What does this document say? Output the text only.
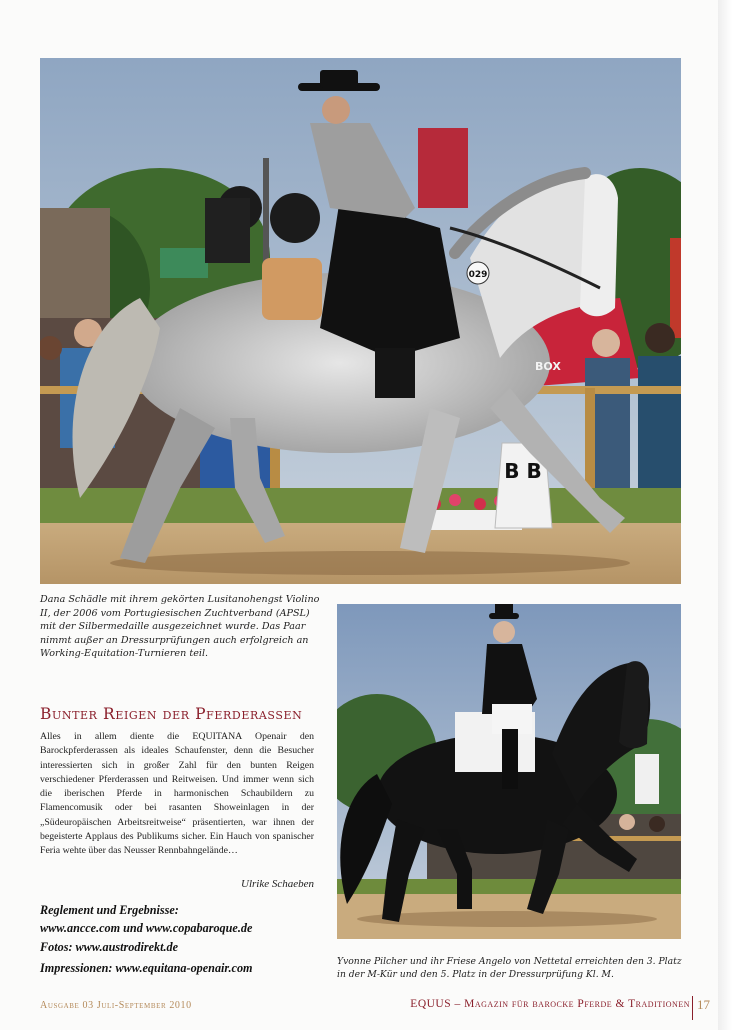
B B
029
BOX
Dana Schädle mit ihrem gekörten Lusitanohengst Violino II, der 2006 vom Portugiesischen Zuchtverband (APSL) mit der Silbermedaille ausgezeichnet wurde. Das Paar nimmt außer an Dressurprüfungen auch erfolgreich an Working-Equitation-Turnieren teil.
Yvonne Pilcher und ihr Friese Angelo von Nettetal erreichten den 3. Platz in der M-Kür und den 5. Platz in der Dressurprüfung Kl. M.
Bunter Reigen der Pferderassen
Alles in allem diente die EQUITANA Openair den Barockpferderassen als ideales Schaufenster, denn die Besucher interessierten sich in großer Zahl für den bunten Reigen verschiedener Pferderassen und Reitweisen. Und immer wenn sich die iberischen Pferde in harmonischen Schaubildern zu Flamencomusik oder bei rasanten Showeinlagen in der „Südeuropäischen Arbeitsreitweise“ präsentierten, war ihnen der begeisterte Applaus des Publikums sicher. Ein Hauch von spanischer Feria wehte über das Neusser Rennbahngelände…
Ulrike Schaeben
Reglement und Ergebnisse:
www.ancce.com und www.copabaroque.de
Fotos: www.austrodirekt.de
Impressionen: www.equitana-openair.com
Ausgabe 03 Juli-September 2010	EQUUS – Magazin für barocke Pferde & Traditionen 17
